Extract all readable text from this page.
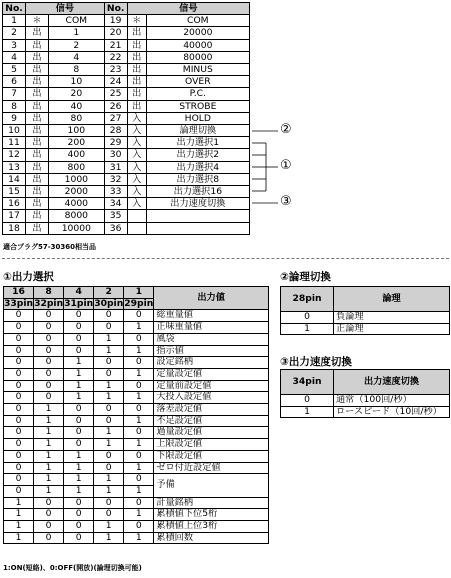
No.	信号		No.	信号	
1	＊	COM	19	＊	COM
2	出	1	20	出	20000
3	出	2	21	出	40000
4	出	4	22	出	80000
5	出	8	23	出	MINUS
6	出	10	24	出	OVER
7	出	20	25	出	P.C.
8	出	40	26	出	STROBE
9	出	80	27	入	HOLD
10	出	100	28	入	論理切換
11	出	200	29	入	出力選択1
12	出	400	30	入	出力選択2
13	出	800	31	入	出力選択4
14	出	1000	32	入	出力選択8
15	出	2000	33	入	出力選択16
16	出	4000	34	入	出力速度切換
17	出	8000	35		
18	出	10000	36		
②
①
③
適合プラグ57-30360相当品
①出力選択	②論理切換
③出力速度切換
16	8	4	2	1	出力値
33pin	32pin	31pin	30pin	29pin	
0	0	0	0	0	総重量値
0	0	0	0	1	正味重量値
0	0	0	1	0	風袋
0	0	0	1	1	指示値
0	0	1	0	0	設定銘柄
0	0	1	0	1	定量設定値
0	0	1	1	0	定量前設定値
0	0	1	1	1	大投入設定値
0	1	0	0	0	落差設定値
0	1	0	0	1	不足設定値
0	1	0	1	0	過量設定値
0	1	0	1	1	上限設定値
0	1	1	0	0	下限設定値
0	1	1	0	1	ゼロ付近設定値
0	1	1	1	0	予備
0	1	1	1	1	
1	0	0	0	0	計量銘柄
1	0	0	0	1	累積値下位5桁
1	0	0	1	0	累積値上位3桁
1	0	0	1	1	累積回数
28pin	論理
0	負論理
1	正論理
34pin	出力速度切換
0	通常（100回/秒）
1	ロースピード（10回/秒）
1:ON(短絡)、0:OFF(開放)(論理切換可能)
